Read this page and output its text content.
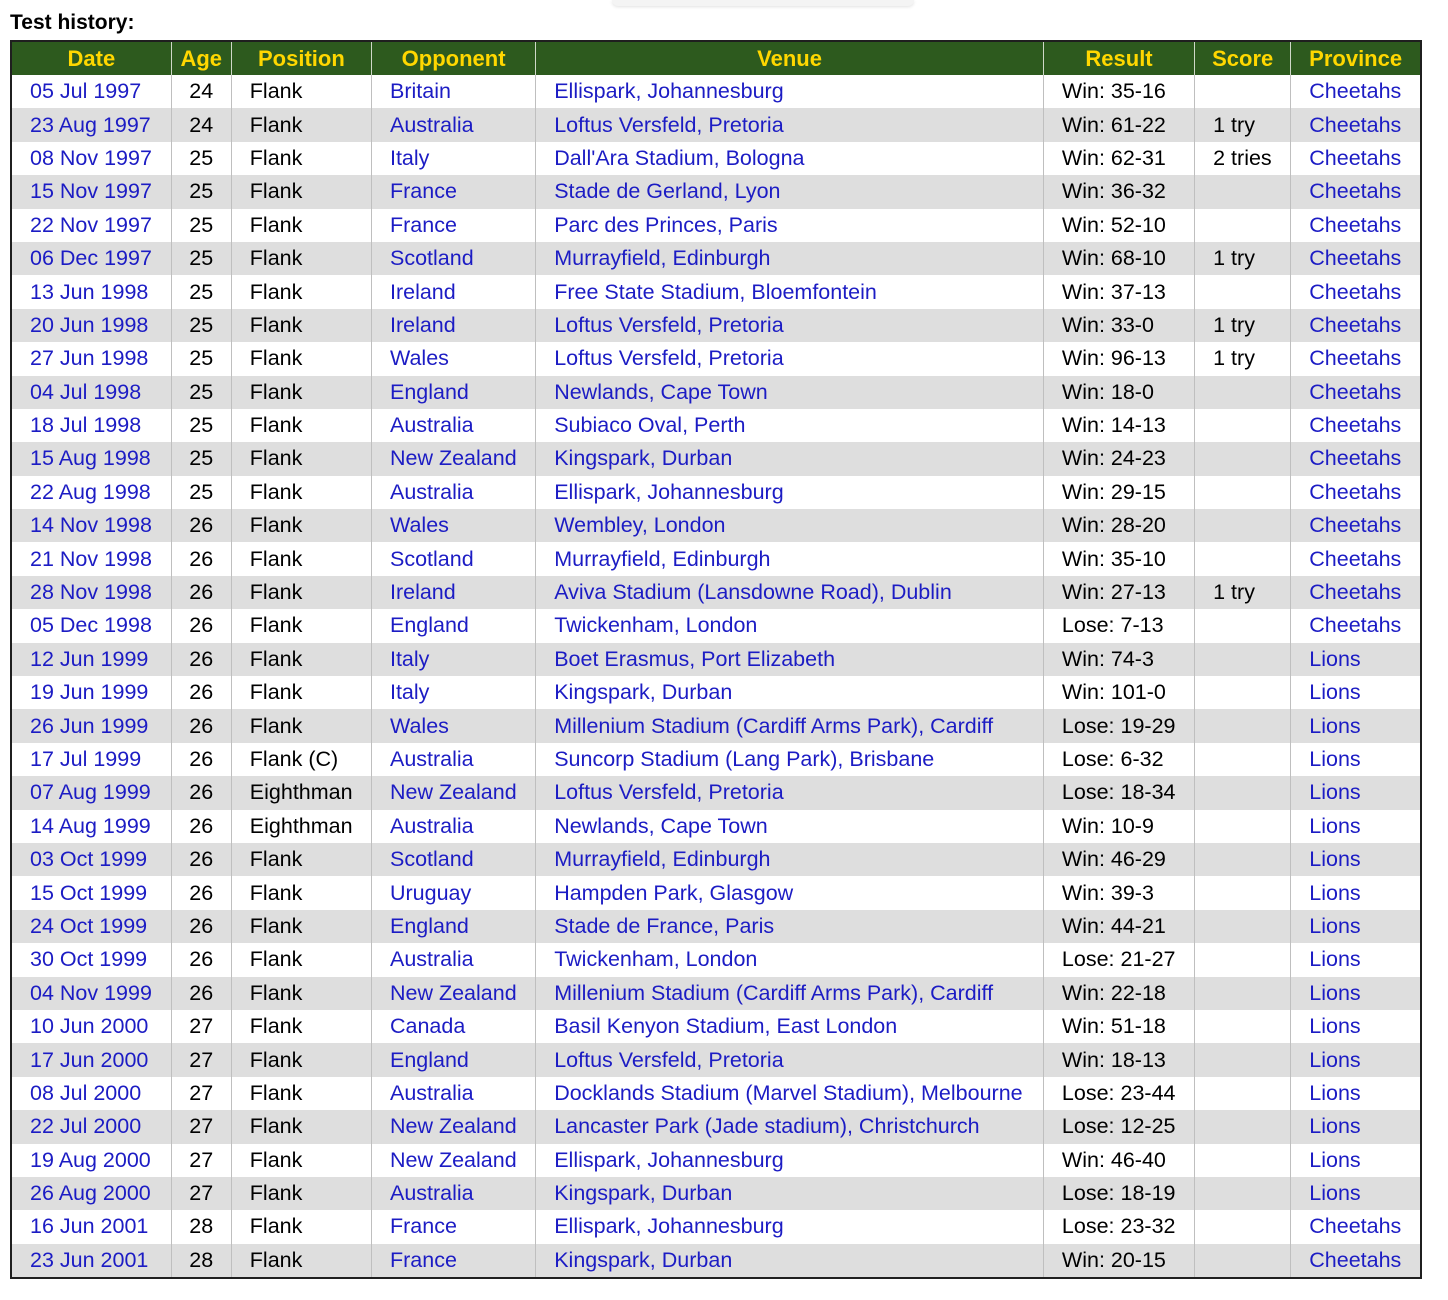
Test history:
Date	Age	Position	Opponent	Venue	Result	Score	Province
05 Jul 1997	24	Flank	Britain	Ellispark, Johannesburg	Win: 35-16		Cheetahs
23 Aug 1997	24	Flank	Australia	Loftus Versfeld, Pretoria	Win: 61-22	1 try	Cheetahs
08 Nov 1997	25	Flank	Italy	Dall'Ara Stadium, Bologna	Win: 62-31	2 tries	Cheetahs
15 Nov 1997	25	Flank	France	Stade de Gerland, Lyon	Win: 36-32		Cheetahs
22 Nov 1997	25	Flank	France	Parc des Princes, Paris	Win: 52-10		Cheetahs
06 Dec 1997	25	Flank	Scotland	Murrayfield, Edinburgh	Win: 68-10	1 try	Cheetahs
13 Jun 1998	25	Flank	Ireland	Free State Stadium, Bloemfontein	Win: 37-13		Cheetahs
20 Jun 1998	25	Flank	Ireland	Loftus Versfeld, Pretoria	Win: 33-0	1 try	Cheetahs
27 Jun 1998	25	Flank	Wales	Loftus Versfeld, Pretoria	Win: 96-13	1 try	Cheetahs
04 Jul 1998	25	Flank	England	Newlands, Cape Town	Win: 18-0		Cheetahs
18 Jul 1998	25	Flank	Australia	Subiaco Oval, Perth	Win: 14-13		Cheetahs
15 Aug 1998	25	Flank	New Zealand	Kingspark, Durban	Win: 24-23		Cheetahs
22 Aug 1998	25	Flank	Australia	Ellispark, Johannesburg	Win: 29-15		Cheetahs
14 Nov 1998	26	Flank	Wales	Wembley, London	Win: 28-20		Cheetahs
21 Nov 1998	26	Flank	Scotland	Murrayfield, Edinburgh	Win: 35-10		Cheetahs
28 Nov 1998	26	Flank	Ireland	Aviva Stadium (Lansdowne Road), Dublin	Win: 27-13	1 try	Cheetahs
05 Dec 1998	26	Flank	England	Twickenham, London	Lose: 7-13		Cheetahs
12 Jun 1999	26	Flank	Italy	Boet Erasmus, Port Elizabeth	Win: 74-3		Lions
19 Jun 1999	26	Flank	Italy	Kingspark, Durban	Win: 101-0		Lions
26 Jun 1999	26	Flank	Wales	Millenium Stadium (Cardiff Arms Park), Cardiff	Lose: 19-29		Lions
17 Jul 1999	26	Flank (C)	Australia	Suncorp Stadium (Lang Park), Brisbane	Lose: 6-32		Lions
07 Aug 1999	26	Eighthman	New Zealand	Loftus Versfeld, Pretoria	Lose: 18-34		Lions
14 Aug 1999	26	Eighthman	Australia	Newlands, Cape Town	Win: 10-9		Lions
03 Oct 1999	26	Flank	Scotland	Murrayfield, Edinburgh	Win: 46-29		Lions
15 Oct 1999	26	Flank	Uruguay	Hampden Park, Glasgow	Win: 39-3		Lions
24 Oct 1999	26	Flank	England	Stade de France, Paris	Win: 44-21		Lions
30 Oct 1999	26	Flank	Australia	Twickenham, London	Lose: 21-27		Lions
04 Nov 1999	26	Flank	New Zealand	Millenium Stadium (Cardiff Arms Park), Cardiff	Win: 22-18		Lions
10 Jun 2000	27	Flank	Canada	Basil Kenyon Stadium, East London	Win: 51-18		Lions
17 Jun 2000	27	Flank	England	Loftus Versfeld, Pretoria	Win: 18-13		Lions
08 Jul 2000	27	Flank	Australia	Docklands Stadium (Marvel Stadium), Melbourne	Lose: 23-44		Lions
22 Jul 2000	27	Flank	New Zealand	Lancaster Park (Jade stadium), Christchurch	Lose: 12-25		Lions
19 Aug 2000	27	Flank	New Zealand	Ellispark, Johannesburg	Win: 46-40		Lions
26 Aug 2000	27	Flank	Australia	Kingspark, Durban	Lose: 18-19		Lions
16 Jun 2001	28	Flank	France	Ellispark, Johannesburg	Lose: 23-32		Cheetahs
23 Jun 2001	28	Flank	France	Kingspark, Durban	Win: 20-15		Cheetahs
